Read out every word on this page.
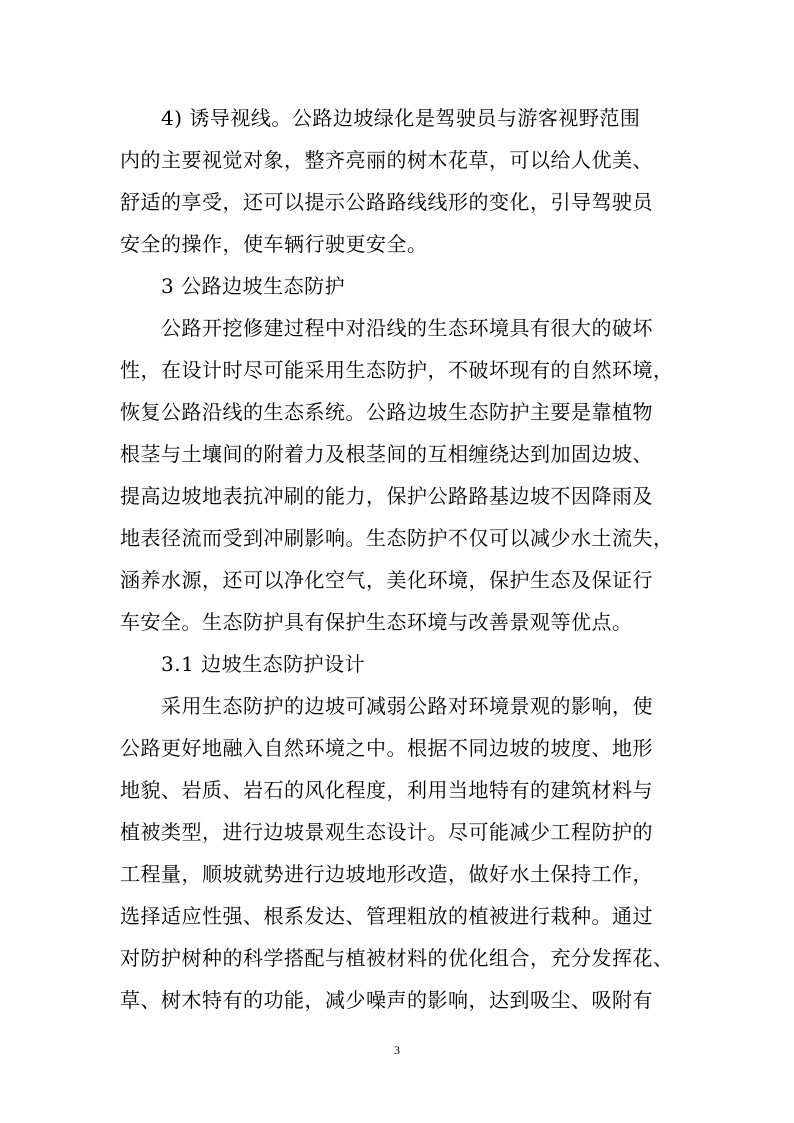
　　4) 诱导视线。公路边坡绿化是驾驶员与游客视野范围
内的主要视觉对象，整齐亮丽的树木花草，可以给人优美、
舒适的享受，还可以提示公路路线线形的变化，引导驾驶员
安全的操作，使车辆行驶更安全。
　　3 公路边坡生态防护
　　公路开挖修建过程中对沿线的生态环境具有很大的破坏
性，在设计时尽可能采用生态防护，不破坏现有的自然环境，
恢复公路沿线的生态系统。公路边坡生态防护主要是靠植物
根茎与土壤间的附着力及根茎间的互相缠绕达到加固边坡、
提高边坡地表抗冲刷的能力，保护公路路基边坡不因降雨及
地表径流而受到冲刷影响。生态防护不仅可以减少水土流失，
涵养水源，还可以净化空气，美化环境，保护生态及保证行
车安全。生态防护具有保护生态环境与改善景观等优点。
　　3.1 边坡生态防护设计
　　采用生态防护的边坡可减弱公路对环境景观的影响，使
公路更好地融入自然环境之中。根据不同边坡的坡度、地形
地貌、岩质、岩石的风化程度，利用当地特有的建筑材料与
植被类型，进行边坡景观生态设计。尽可能减少工程防护的
工程量，顺坡就势进行边坡地形改造，做好水土保持工作，
选择适应性强、根系发达、管理粗放的植被进行栽种。通过
对防护树种的科学搭配与植被材料的优化组合，充分发挥花、
草、树木特有的功能，减少噪声的影响，达到吸尘、吸附有
3
